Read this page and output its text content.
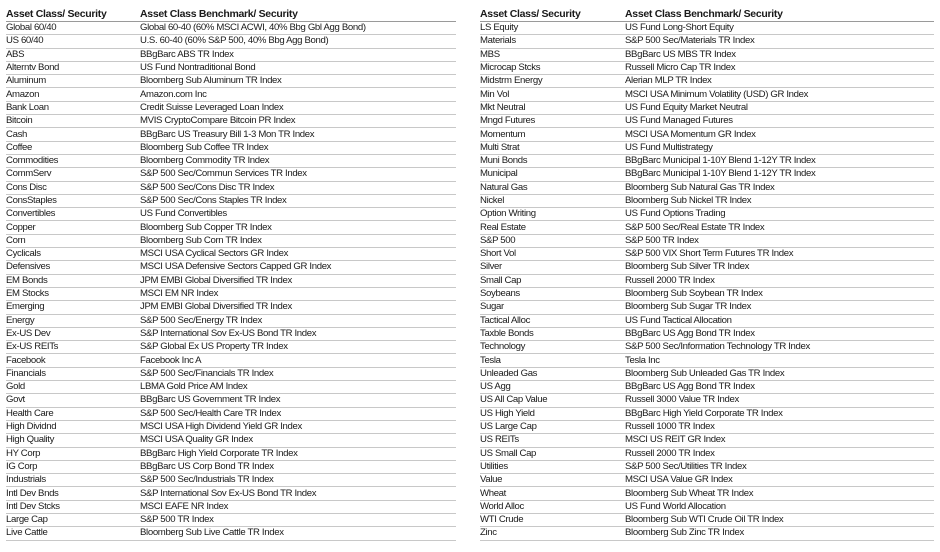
Asset Class/ Security	Asset Class Benchmark/ Security
Global 60/40	Global 60-40 (60% MSCI ACWI, 40% Bbg Gbl Agg Bond)
US 60/40	U.S. 60-40 (60% S&P 500, 40% Bbg Agg Bond)
ABS	BBgBarc ABS TR Index
Alterntv Bond	US Fund Nontraditional Bond
Aluminum	Bloomberg Sub Aluminum TR Index
Amazon	Amazon.com Inc
Bank Loan	Credit Suisse Leveraged Loan Index
Bitcoin	MVIS CryptoCompare Bitcoin PR Index
Cash	BBgBarc US Treasury Bill 1-3 Mon TR Index
Coffee	Bloomberg Sub Coffee TR Index
Commodities	Bloomberg Commodity TR Index
CommServ	S&P 500 Sec/Commun Services TR Index
Cons Disc	S&P 500 Sec/Cons Disc TR Index
ConsStaples	S&P 500 Sec/Cons Staples TR Index
Convertibles	US Fund Convertibles
Copper	Bloomberg Sub Copper TR Index
Corn	Bloomberg Sub Corn TR Index
Cyclicals	MSCI USA Cyclical Sectors GR Index
Defensives	MSCI USA Defensive Sectors Capped GR Index
EM Bonds	JPM EMBI Global Diversified TR Index
EM Stocks	MSCI EM NR Index
Emerging	JPM EMBI Global Diversified TR Index
Energy	S&P 500 Sec/Energy TR Index
Ex-US Dev	S&P International Sov Ex-US Bond TR Index
Ex-US REITs	S&P Global Ex US Property TR Index
Facebook	Facebook Inc A
Financials	S&P 500 Sec/Financials TR Index
Gold	LBMA Gold Price AM Index
Govt	BBgBarc US Government TR Index
Health Care	S&P 500 Sec/Health Care TR Index
High Dividnd	MSCI USA High Dividend Yield GR Index
High Quality	MSCI USA Quality GR Index
HY Corp	BBgBarc High Yield Corporate TR Index
IG Corp	BBgBarc US Corp Bond TR Index
Industrials	S&P 500 Sec/Industrials TR Index
Intl Dev Bnds	S&P International Sov Ex-US Bond TR Index
Intl Dev Stcks	MSCI EAFE NR Index
Large Cap	S&P 500 TR Index
Live Cattle	Bloomberg Sub Live Cattle TR Index
Asset Class/ Security	Asset Class Benchmark/ Security
LS Equity	US Fund Long-Short Equity
Materials	S&P 500 Sec/Materials TR Index
MBS	BBgBarc US MBS TR Index
Microcap Stcks	Russell Micro Cap TR Index
Midstrm Energy	Alerian MLP TR Index
Min Vol	MSCI USA Minimum Volatility (USD) GR Index
Mkt Neutral	US Fund Equity Market Neutral
Mngd Futures	US Fund Managed Futures
Momentum	MSCI USA Momentum GR Index
Multi Strat	US Fund Multistrategy
Muni Bonds	BBgBarc Municipal 1-10Y Blend 1-12Y TR Index
Municipal	BBgBarc Municipal 1-10Y Blend 1-12Y TR Index
Natural Gas	Bloomberg Sub Natural Gas TR Index
Nickel	Bloomberg Sub Nickel TR Index
Option Writing	US Fund Options Trading
Real Estate	S&P 500 Sec/Real Estate TR Index
S&P 500	S&P 500 TR Index
Short Vol	S&P 500 VIX Short Term Futures TR Index
Silver	Bloomberg Sub Silver TR Index
Small Cap	Russell 2000 TR Index
Soybeans	Bloomberg Sub Soybean TR Index
Sugar	Bloomberg Sub Sugar TR Index
Tactical Alloc	US Fund Tactical Allocation
Taxble Bonds	BBgBarc US Agg Bond TR Index
Technology	S&P 500 Sec/Information Technology TR Index
Tesla	Tesla Inc
Unleaded Gas	Bloomberg Sub Unleaded Gas TR Index
US Agg	BBgBarc US Agg Bond TR Index
US All Cap Value	Russell 3000 Value TR Index
US High Yield	BBgBarc High Yield Corporate TR Index
US Large Cap	Russell 1000 TR Index
US REITs	MSCI US REIT GR Index
US Small Cap	Russell 2000 TR Index
Utilities	S&P 500 Sec/Utilities TR Index
Value	MSCI USA Value GR Index
Wheat	Bloomberg Sub Wheat TR Index
World Alloc	US Fund World Allocation
WTI Crude	Bloomberg Sub WTI Crude Oil TR Index
Zinc	Bloomberg Sub Zinc TR Index
